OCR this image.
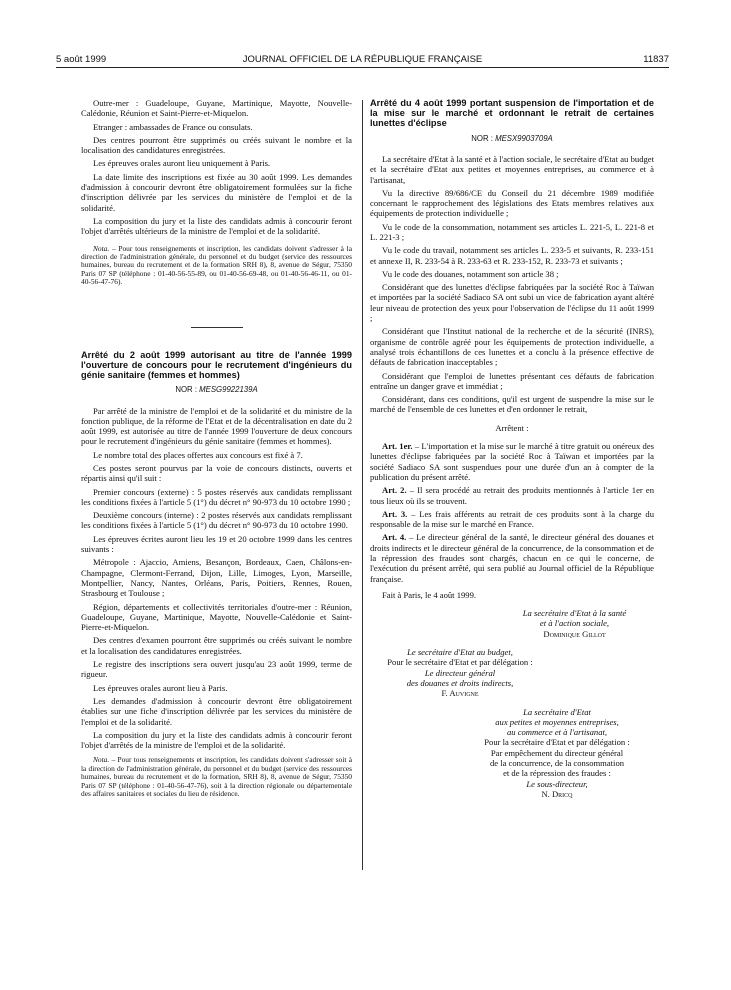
5 août 1999	JOURNAL OFFICIEL DE LA RÉPUBLIQUE FRANÇAISE	11837

Outre-mer : Guadeloupe, Guyane, Martinique, Mayotte, Nouvelle-Calédonie, Réunion et Saint-Pierre-et-Miquelon.

Etranger : ambassades de France ou consulats.

Des centres pourront être supprimés ou créés suivant le nombre et la localisation des candidatures enregistrées.

Les épreuves orales auront lieu uniquement à Paris.

La date limite des inscriptions est fixée au 30 août 1999. Les demandes d'admission à concourir devront être obligatoirement formulées sur la fiche d'inscription délivrée par les services du ministère de l'emploi et de la solidarité.

La composition du jury et la liste des candidats admis à concourir feront l'objet d'arrêtés ultérieurs de la ministre de l'emploi et de la solidarité.

Nota. – Pour tous renseignements et inscription, les candidats doivent s'adresser à la direction de l'administration générale, du personnel et du budget (service des ressources humaines, bureau du recrutement et de la formation SRH 8), 8, avenue de Ségur, 75350 Paris 07 SP (téléphone : 01-40-56-55-89, ou 01-40-56-69-48, ou 01-40-56-46-11, ou 01-40-56-47-76).

Arrêté du 2 août 1999 autorisant au titre de l'année 1999 l'ouverture de concours pour le recrutement d'ingénieurs du génie sanitaire (femmes et hommes)

NOR : MESG9922139A

Par arrêté de la ministre de l'emploi et de la solidarité et du ministre de la fonction publique, de la réforme de l'Etat et de la décentralisation en date du 2 août 1999, est autorisée au titre de l'année 1999 l'ouverture de deux concours pour le recrutement d'ingénieurs du génie sanitaire (femmes et hommes).

Le nombre total des places offertes aux concours est fixé à 7.

Ces postes seront pourvus par la voie de concours distincts, ouverts et répartis ainsi qu'il suit :

Premier concours (externe) : 5 postes réservés aux candidats remplissant les conditions fixées à l'article 5 (1°) du décret n° 90-973 du 10 octobre 1990 ;

Deuxième concours (interne) : 2 postes réservés aux candidats remplissant les conditions fixées à l'article 5 (1°) du décret n° 90-973 du 10 octobre 1990.

Les épreuves écrites auront lieu les 19 et 20 octobre 1999 dans les centres suivants :

Métropole : Ajaccio, Amiens, Besançon, Bordeaux, Caen, Châlons-en-Champagne, Clermont-Ferrand, Dijon, Lille, Limoges, Lyon, Marseille, Montpellier, Nancy, Nantes, Orléans, Paris, Poitiers, Rennes, Rouen, Strasbourg et Toulouse ;

Région, départements et collectivités territoriales d'outre-mer : Réunion, Guadeloupe, Guyane, Martinique, Mayotte, Nouvelle-Calédonie et Saint-Pierre-et-Miquelon.

Des centres d'examen pourront être supprimés ou créés suivant le nombre et la localisation des candidatures enregistrées.

Le registre des inscriptions sera ouvert jusqu'au 23 août 1999, terme de rigueur.

Les épreuves orales auront lieu à Paris.

Les demandes d'admission à concourir devront être obligatoirement établies sur une fiche d'inscription délivrée par les services du ministère de l'emploi et de la solidarité.

La composition du jury et la liste des candidats admis à concourir feront l'objet d'arrêtés de la ministre de l'emploi et de la solidarité.

Nota. – Pour tous renseignements et inscription, les candidats doivent s'adresser soit à la direction de l'administration générale, du personnel et du budget (service des ressources humaines, bureau du recrutement et de la formation, SRH 8), 8, avenue de Ségur, 75350 Paris 07 SP (téléphone : 01-40-56-47-76), soit à la direction régionale ou départementale des affaires sanitaires et sociales du lieu de résidence.

Arrêté du 4 août 1999 portant suspension de l'importation et de la mise sur le marché et ordonnant le retrait de certaines lunettes d'éclipse

NOR : MESX9903709A

La secrétaire d'Etat à la santé et à l'action sociale, le secrétaire d'Etat au budget et la secrétaire d'Etat aux petites et moyennes entreprises, au commerce et à l'artisanat,

Vu la directive 89/686/CE du Conseil du 21 décembre 1989 modifiée concernant le rapprochement des législations des Etats membres relatives aux équipements de protection individuelle ;

Vu le code de la consommation, notamment ses articles L. 221-5, L. 221-8 et L. 221-3 ;

Vu le code du travail, notamment ses articles L. 233-5 et suivants, R. 233-151 et annexe II, R. 233-54 à R. 233-63 et R. 233-152, R. 233-73 et suivants ;

Vu le code des douanes, notamment son article 38 ;

Considérant que des lunettes d'éclipse fabriquées par la société Roc à Taïwan et importées par la société Sadiaco SA ont subi un vice de fabrication ayant altéré leur niveau de protection des yeux pour l'observation de l'éclipse du 11 août 1999 ;

Considérant que l'Institut national de la recherche et de la sécurité (INRS), organisme de contrôle agréé pour les équipements de protection individuelle, a analysé trois échantillons de ces lunettes et a conclu à la présence effective de défauts de fabrication inacceptables ;

Considérant que l'emploi de lunettes présentant ces défauts de fabrication entraîne un danger grave et immédiat ;

Considérant, dans ces conditions, qu'il est urgent de suspendre la mise sur le marché de l'ensemble de ces lunettes et d'en ordonner le retrait,

Arrêtent :

Art. 1er. – L'importation et la mise sur le marché à titre gratuit ou onéreux des lunettes d'éclipse fabriquées par la société Roc à Taïwan et importées par la société Sadiaco SA sont suspendues pour une durée d'un an à compter de la publication du présent arrêté.

Art. 2. – Il sera procédé au retrait des produits mentionnés à l'article 1er en tous lieux où ils se trouvent.

Art. 3. – Les frais afférents au retrait de ces produits sont à la charge du responsable de la mise sur le marché en France.

Art. 4. – Le directeur général de la santé, le directeur général des douanes et droits indirects et le directeur général de la concurrence, de la consommation et de la répression des fraudes sont chargés, chacun en ce qui le concerne, de l'exécution du présent arrêté, qui sera publié au Journal officiel de la République française.

Fait à Paris, le 4 août 1999.

La secrétaire d'Etat à la santé

et à l'action sociale,

Dominique Gillot

Le secrétaire d'Etat au budget,

Pour le secrétaire d'Etat et par délégation :

Le directeur général

des douanes et droits indirects,

F. Auvigne

La secrétaire d'Etat

aux petites et moyennes entreprises,

au commerce et à l'artisanat,

Pour la secrétaire d'Etat et par délégation :

Par empêchement du directeur général

de la concurrence, de la consommation

et de la répression des fraudes :

Le sous-directeur,

N. Dricq
